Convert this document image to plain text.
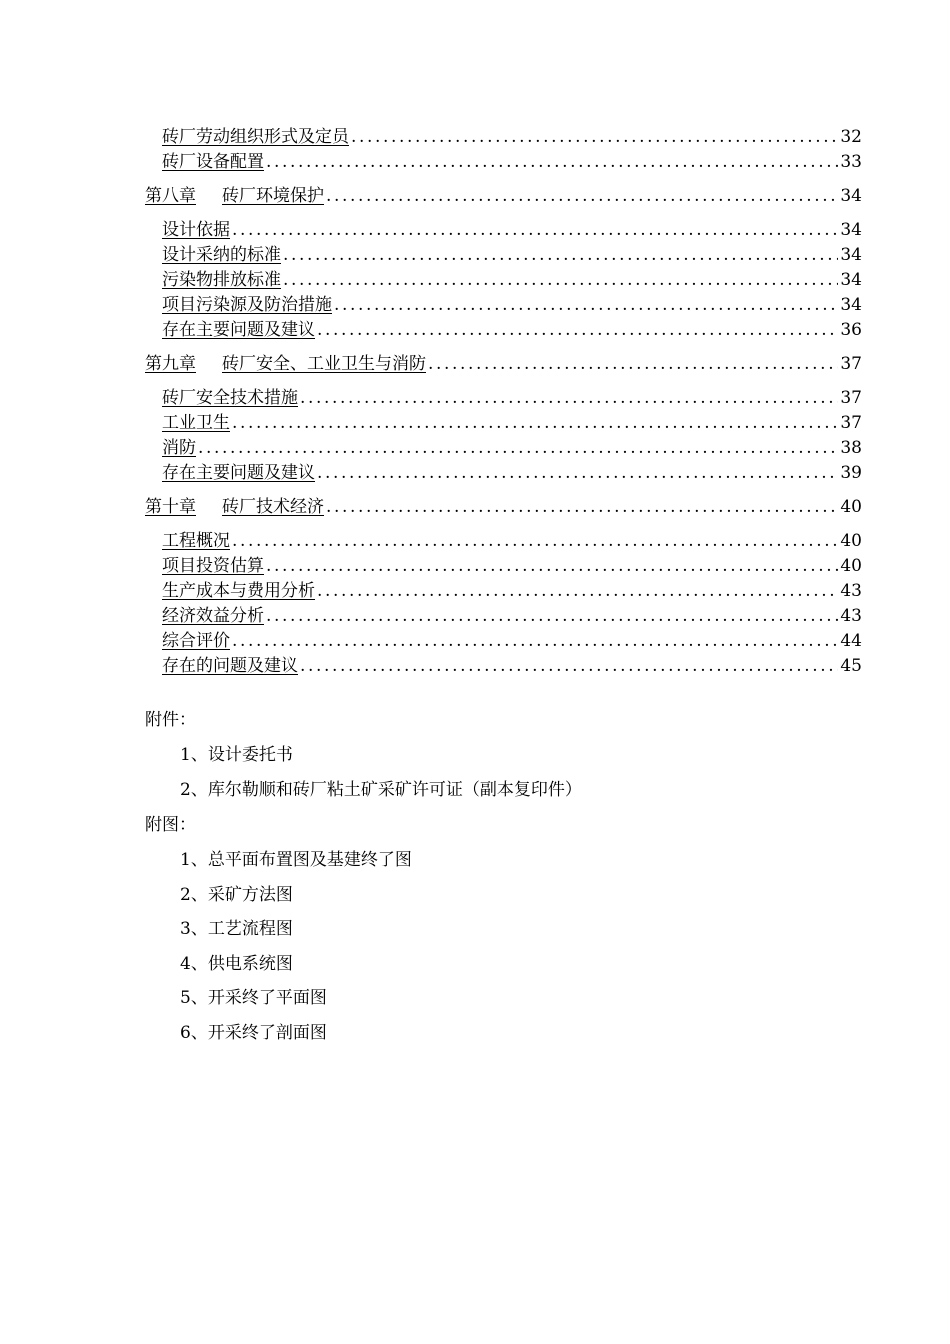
砖厂劳动组织形式及定员 .....	32
砖厂设备配置 .....	33
第八章 砖厂环境保护 .....	34
设计依据 .....	34
设计采纳的标准 .....	34
污染物排放标准 .....	34
项目污染源及防治措施 .....	34
存在主要问题及建议 .....	36
第九章 砖厂安全、工业卫生与消防 .....	37
砖厂安全技术措施 .....	37
工业卫生 .....	37
消防 .....	38
存在主要问题及建议 .....	39
第十章 砖厂技术经济 .....	40
工程概况 .....	40
项目投资估算 .....	40
生产成本与费用分析 .....	43
经济效益分析 .....	43
综合评价 .....	44
存在的问题及建议 .....	45
附件：
1、设计委托书
2、库尔勒顺和砖厂粘土矿采矿许可证（副本复印件）
附图：
1、总平面布置图及基建终了图
2、采矿方法图
3、工艺流程图
4、供电系统图
5、开采终了平面图
6、开采终了剖面图
